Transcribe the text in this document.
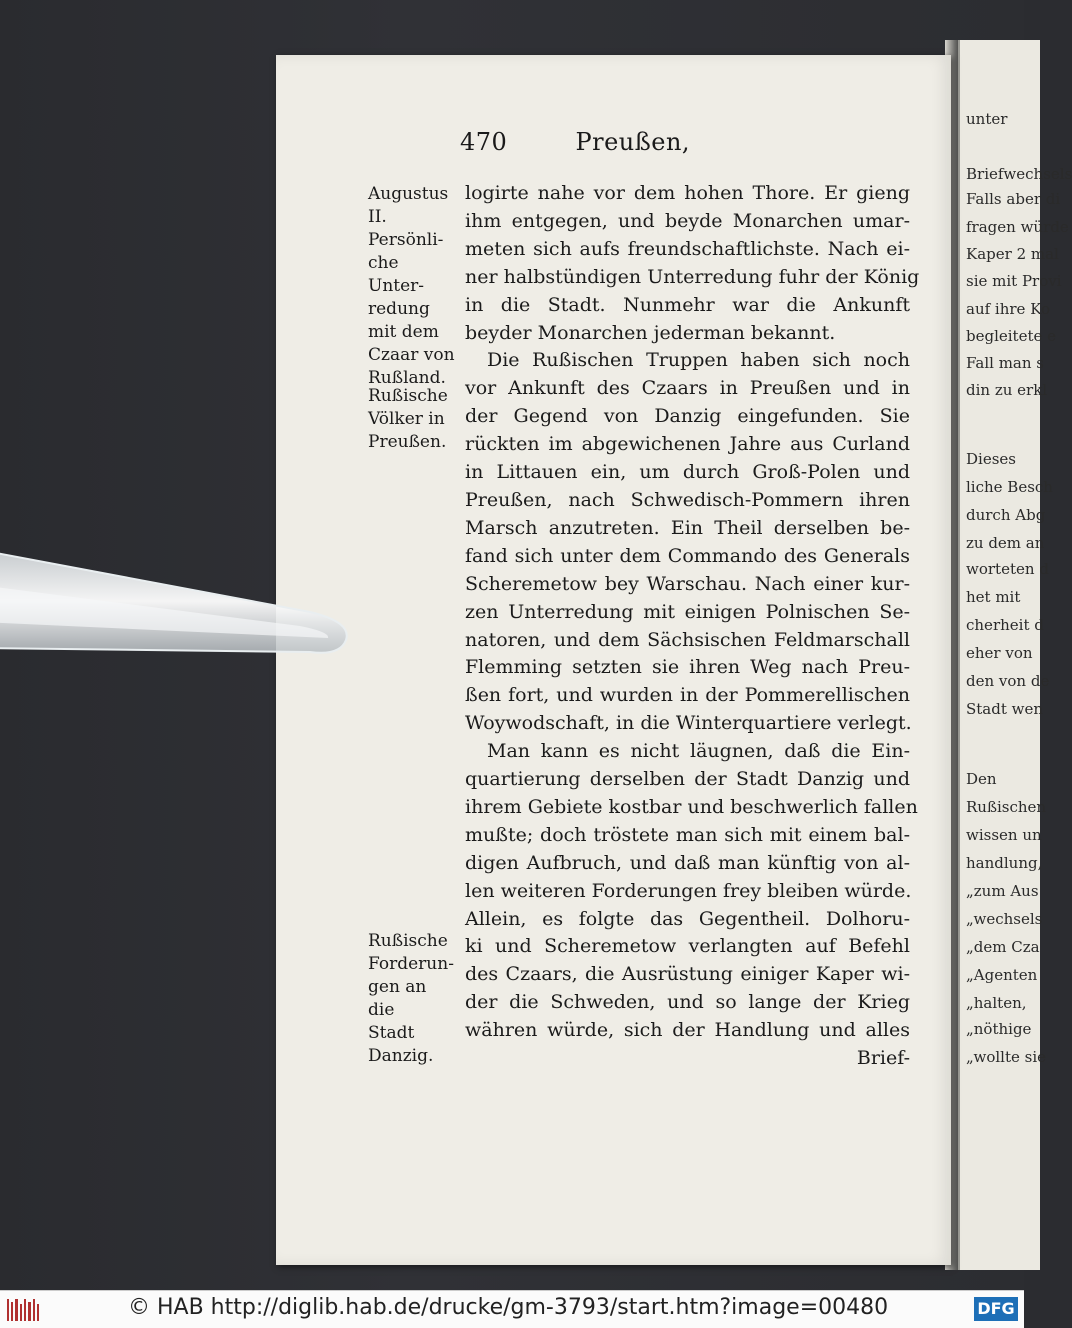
unter
Briefwechsels
Falls aber di
fragen würde
Kaper 2 mal
sie mit Provi
auf ihre Ko
begleitete e
Fall man s
din zu erkl
Dieses
liche Besch
durch Abg
zu dem an
worteten d
het mit
cherheit d
eher von
den von de
Stadt wen
Den
Rußischen
wissen un
handlung,
„zum Aus
„wechsels
„dem Cza
„Agenten
„halten,
„nöthige
„wollte sie
470	Preußen,
Augustus
II.
Persönli-
che Unter-
redung
mit dem
Czaar von
Rußland.
Rußische
Völker in
Preußen.
Rußische
Forderun-
gen an die
Stadt
Danzig.
logirte nahe vor dem hohen Thore. Er gieng
ihm entgegen, und beyde Monarchen umar-
meten sich aufs freundschaftlichste. Nach ei-
ner halbstündigen Unterredung fuhr der König
in die Stadt. Nunmehr war die Ankunft
beyder Monarchen jederman bekannt.
Die Rußischen Truppen haben sich noch
vor Ankunft des Czaars in Preußen und in
der Gegend von Danzig eingefunden. Sie
rückten im abgewichenen Jahre aus Curland
in Littauen ein, um durch Groß-Polen und
Preußen, nach Schwedisch-Pommern ihren
Marsch anzutreten. Ein Theil derselben be-
fand sich unter dem Commando des Generals
Scheremetow bey Warschau. Nach einer kur-
zen Unterredung mit einigen Polnischen Se-
natoren, und dem Sächsischen Feldmarschall
Flemming setzten sie ihren Weg nach Preu-
ßen fort, und wurden in der Pommerellischen
Woywodschaft, in die Winterquartiere verlegt.
Man kann es nicht läugnen, daß die Ein-
quartierung derselben der Stadt Danzig und
ihrem Gebiete kostbar und beschwerlich fallen
mußte; doch tröstete man sich mit einem bal-
digen Aufbruch, und daß man künftig von al-
len weiteren Forderungen frey bleiben würde.
Allein, es folgte das Gegentheil. Dolhoru-
ki und Scheremetow verlangten auf Befehl
des Czaars, die Ausrüstung einiger Kaper wi-
der die Schweden, und so lange der Krieg
währen würde, sich der Handlung und alles
Brief-
© HAB http://diglib.hab.de/drucke/gm-3793/start.htm?image=00480	DFG
